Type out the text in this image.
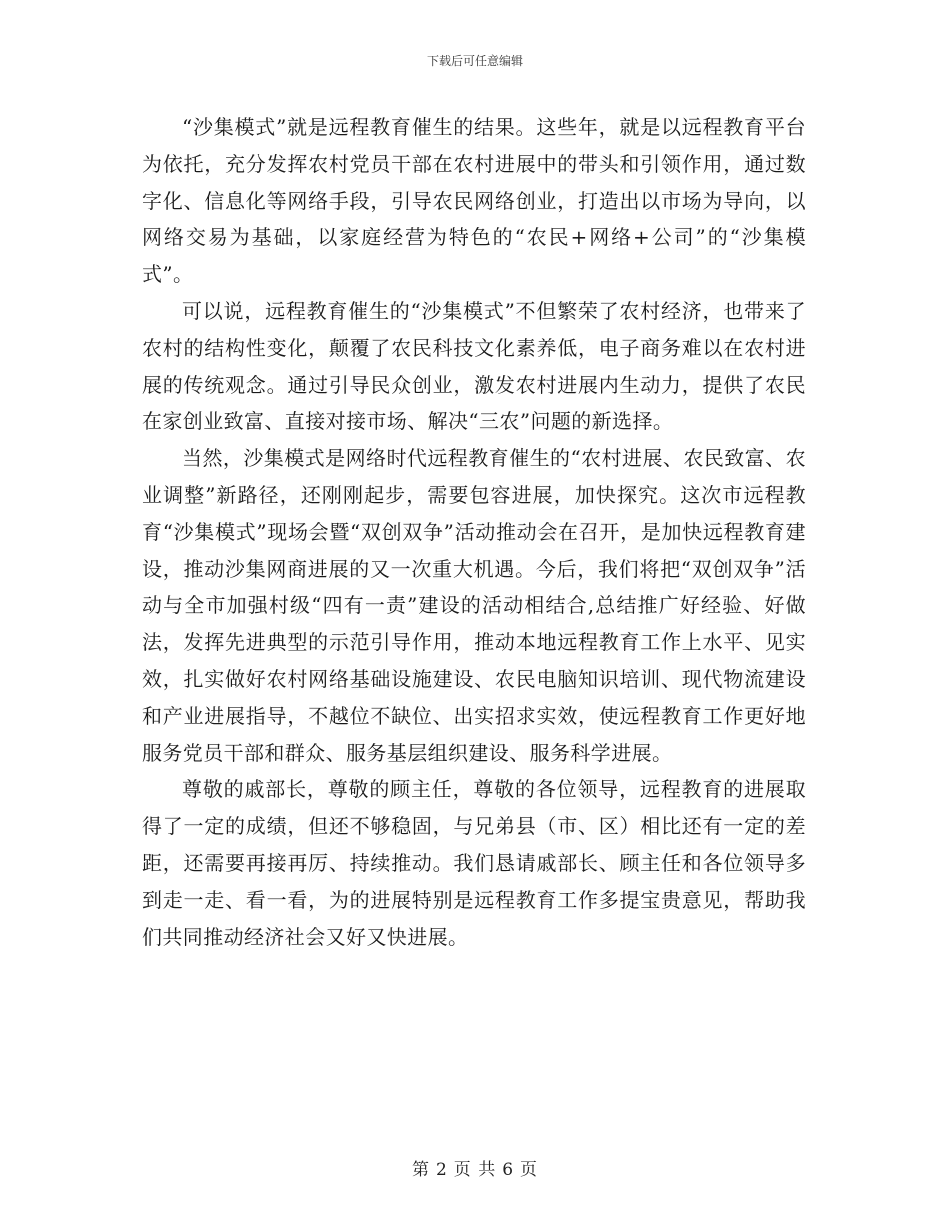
下载后可任意编辑

“沙集模式”就是远程教育催生的结果。这些年，就是以远程教育平台为依托，充分发挥农村党员干部在农村进展中的带头和引领作用，通过数字化、信息化等网络手段，引导农民网络创业，打造出以市场为导向，以网络交易为基础，以家庭经营为特色的“农民+网络+公司”的“沙集模式”。

可以说，远程教育催生的“沙集模式”不但繁荣了农村经济，也带来了农村的结构性变化，颠覆了农民科技文化素养低，电子商务难以在农村进展的传统观念。通过引导民众创业，激发农村进展内生动力，提供了农民在家创业致富、直接对接市场、解决“三农”问题的新选择。

当然，沙集模式是网络时代远程教育催生的“农村进展、农民致富、农业调整”新路径，还刚刚起步，需要包容进展，加快探究。这次市远程教育“沙集模式”现场会暨“双创双争”活动推动会在召开，是加快远程教育建设，推动沙集网商进展的又一次重大机遇。今后，我们将把“双创双争”活动与全市加强村级“四有一责”建设的活动相结合,总结推广好经验、好做法，发挥先进典型的示范引导作用，推动本地远程教育工作上水平、见实效，扎实做好农村网络基础设施建设、农民电脑知识培训、现代物流建设和产业进展指导，不越位不缺位、出实招求实效，使远程教育工作更好地服务党员干部和群众、服务基层组织建设、服务科学进展。

尊敬的戚部长，尊敬的顾主任，尊敬的各位领导，远程教育的进展取得了一定的成绩，但还不够稳固，与兄弟县（市、区）相比还有一定的差距，还需要再接再厉、持续推动。我们恳请戚部长、顾主任和各位领导多到走一走、看一看，为的进展特别是远程教育工作多提宝贵意见，帮助我们共同推动经济社会又好又快进展。

第 2 页 共 6 页
